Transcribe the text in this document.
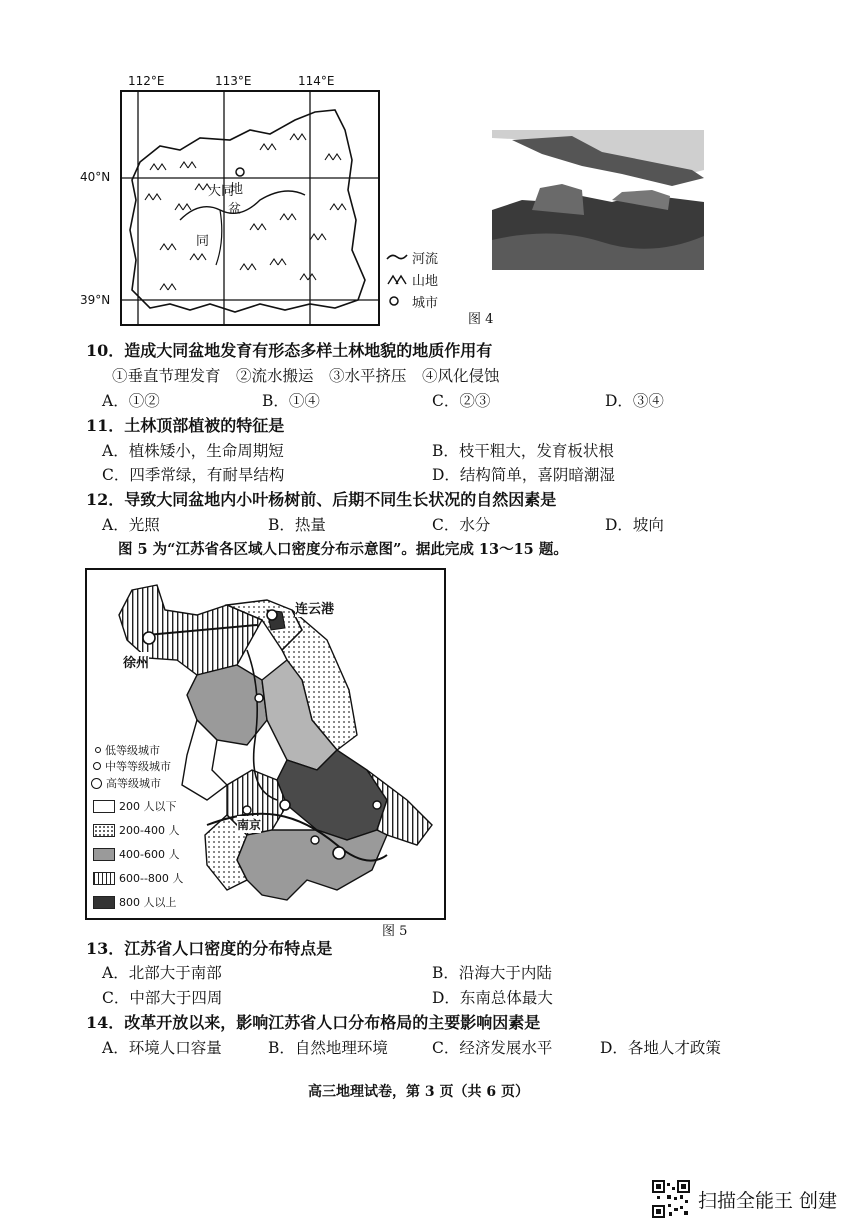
112°E	113°E	114°E
40°N
39°N
大同
地
盆
同
河流
山地
城市
图 4
10．造成大同盆地发育有形态多样土林地貌的地质作用有
①垂直节理发育　②流水搬运　③水平挤压　④风化侵蚀
A．①②	B．①④	C．②③	D．③④
11．土林顶部植被的特征是
A．植株矮小，生命周期短	B．枝干粗大，发育板状根
C．四季常绿，有耐旱结构	D．结构简单，喜阴暗潮湿
12．导致大同盆地内小叶杨树前、后期不同生长状况的自然因素是
A．光照	B．热量	C．水分	D．坡向
图 5 为“江苏省各区域人口密度分布示意图”。据此完成 13～15 题。
连云港
徐州
南京
低等级城市
中等等级城市
高等级城市
200 人以下
200-400 人
400-600 人
600--800 人
800 人以上
图 5
13．江苏省人口密度的分布特点是
A．北部大于南部	B．沿海大于内陆
C．中部大于四周	D．东南总体最大
14．改革开放以来，影响江苏省人口分布格局的主要影响因素是
A．环境人口容量	B．自然地理环境	C．经济发展水平	D．各地人才政策
高三地理试卷，第 3 页（共 6 页）
扫描全能王 创建
